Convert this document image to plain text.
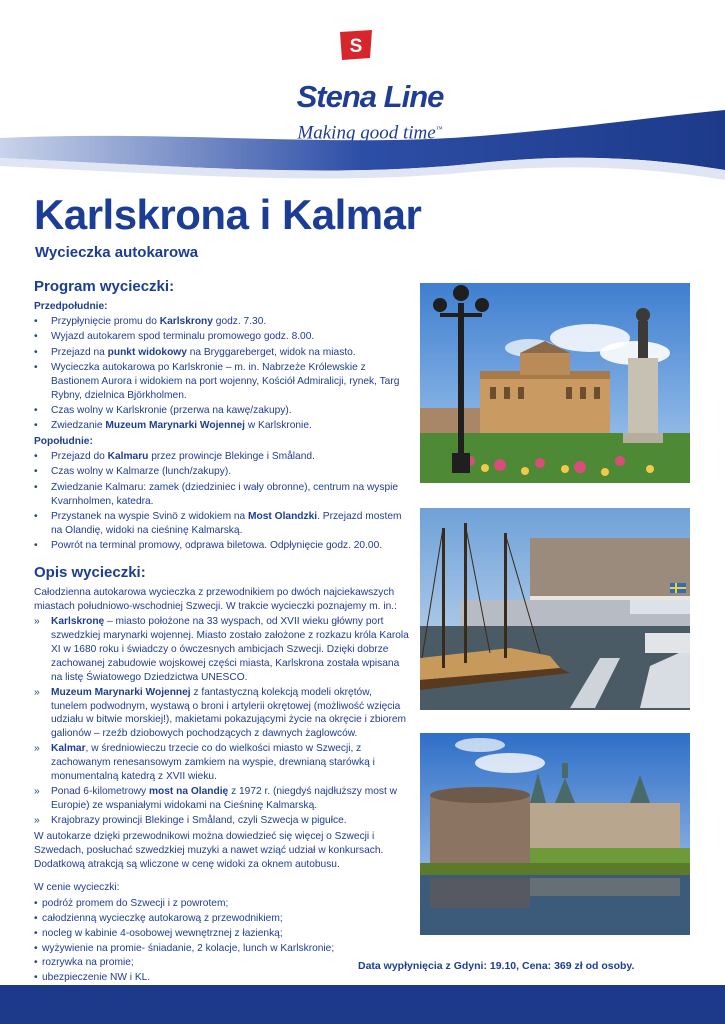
S
Stena Line
Making good time™
Karlskrona i Kalmar
Wycieczka autokarowa
Program wycieczki:
Przedpołudnie:
• Przypłynięcie promu do Karlskrony godz. 7.30.
• Wyjazd autokarem spod terminalu promowego godz. 8.00.
• Przejazd na punkt widokowy na Bryggareberget, widok na miasto.
• Wycieczka autokarowa po Karlskronie – m. in. Nabrzeże Królewskie z Bastionem Aurora i widokiem na port wojenny, Kościół Admiralicji, rynek, Targ Rybny, dzielnica Björkholmen.
• Czas wolny w Karlskronie (przerwa na kawę/zakupy).
• Zwiedzanie Muzeum Marynarki Wojennej w Karlskronie.
Popołudnie:
• Przejazd do Kalmaru przez prowincje Blekinge i Småland.
• Czas wolny w Kalmarze (lunch/zakupy).
• Zwiedzanie Kalmaru: zamek (dziedziniec i wały obronne), centrum na wyspie Kvarnholmen, katedra.
• Przystanek na wyspie Svinö z widokiem na Most Olandzki. Przejazd mostem na Olandię, widoki na cieśninę Kalmarską.
• Powrót na terminal promowy, odprawa biletowa. Odpłynięcie godz. 20.00.
Opis wycieczki:

Całodzienna autokarowa wycieczka z przewodnikiem po dwóch najciekawszych miastach południowo-wschodniej Szwecji. W trakcie wycieczki poznajemy m. in.:

» Karlskronę – miasto położone na 33 wyspach, od XVII wieku główny port szwedzkiej marynarki wojennej. Miasto zostało założone z rozkazu króla Karola XI w 1680 roku i świadczy o ówczesnych ambicjach Szwecji. Dzięki dobrze zachowanej zabudowie wojskowej części miasta, Karlskrona została wpisana na listę Światowego Dziedzictwa UNESCO.
» Muzeum Marynarki Wojennej z fantastyczną kolekcją modeli okrętów, tunelem podwodnym, wystawą o broni i artylerii okrętowej (możliwość wzięcia udziału w bitwie morskiej!), makietami pokazującymi życie na okręcie i zbiorem galionów – rzeźb dziobowych pochodzących z dawnych żaglowców.
» Kalmar, w średniowieczu trzecie co do wielkości miasto w Szwecji, z zachowanym renesansowym zamkiem na wyspie, drewnianą starówką i monumentalną katedrą z XVII wieku.
» Ponad 6-kilometrowy most na Olandię z 1972 r. (niegdyś najdłuższy most w Europie) ze wspaniałymi widokami na Cieśninę Kalmarską.
» Krajobrazy prowincji Blekinge i Småland, czyli Szwecja w pigułce.

W autokarze dzięki przewodnikowi można dowiedzieć się więcej o Szwecji i Szwedach, posłuchać szwedzkiej muzyki a nawet wziąć udział w konkursach. Dodatkową atrakcją są wliczone w cenę widoki za oknem autobusu.

W cenie wycieczki:

• podróż promem do Szwecji i z powrotem;
• całodzienną wycieczkę autokarową z przewodnikiem;
• nocleg w kabinie 4-osobowej wewnętrznej z łazienką;
• wyżywienie na promie- śniadanie, 2 kolacje, lunch w Karlskronie;
• rozrywka na promie;
• ubezpieczenie NW i KL.
Data wypłynięcia z Gdyni: 19.10, Cena: 369 zł od osoby.
